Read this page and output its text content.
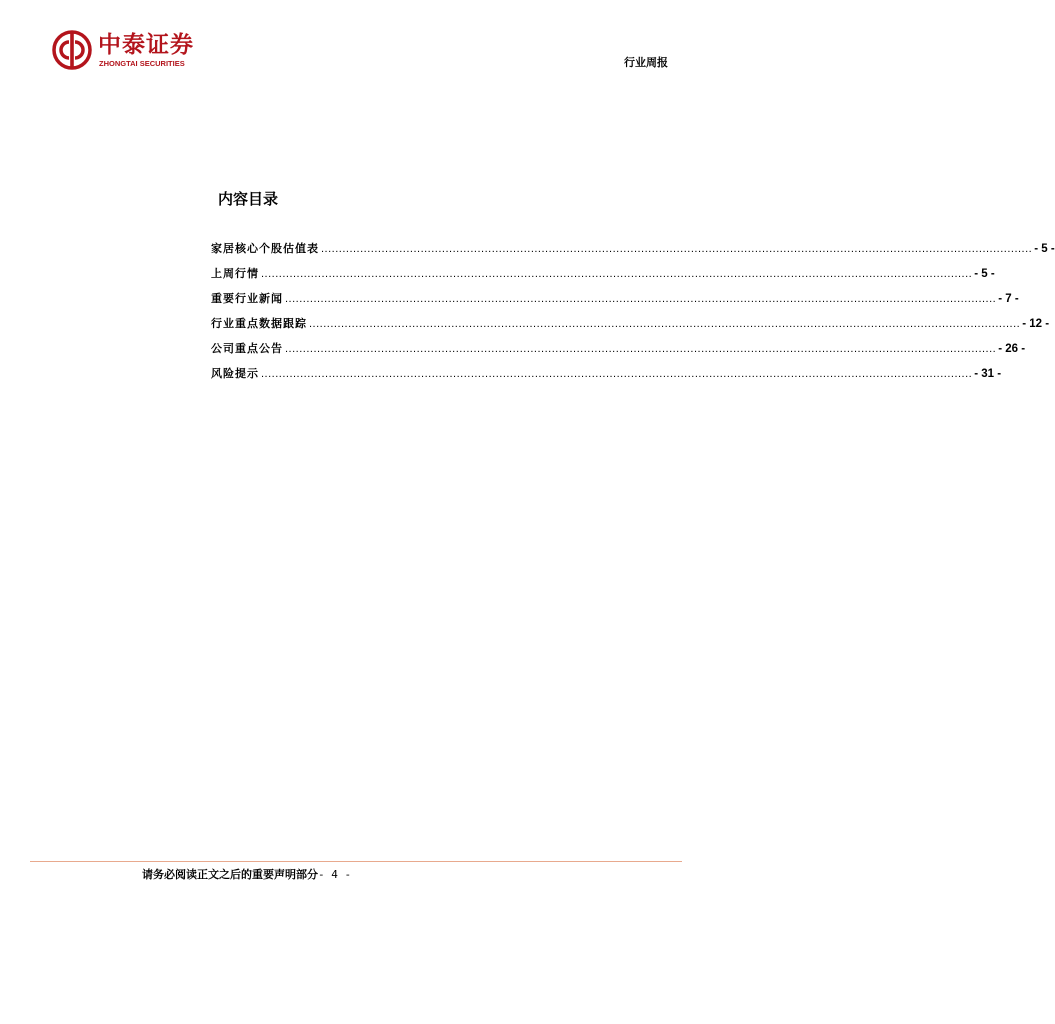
中泰证券
ZHONGTAI SECURITIES	行业周报
内容目录
家居核心个股估值表 ........................................................................................................................................................................................................ - 5 -
上周行情 ........................................................................................................................................................................................................ - 5 -
重要行业新闻 ........................................................................................................................................................................................................ - 7 -
行业重点数据跟踪 ........................................................................................................................................................................................................ - 12 -
公司重点公告 ........................................................................................................................................................................................................ - 26 -
风险提示 ........................................................................................................................................................................................................ - 31 -
请务必阅读正文之后的重要声明部分- 4 -
